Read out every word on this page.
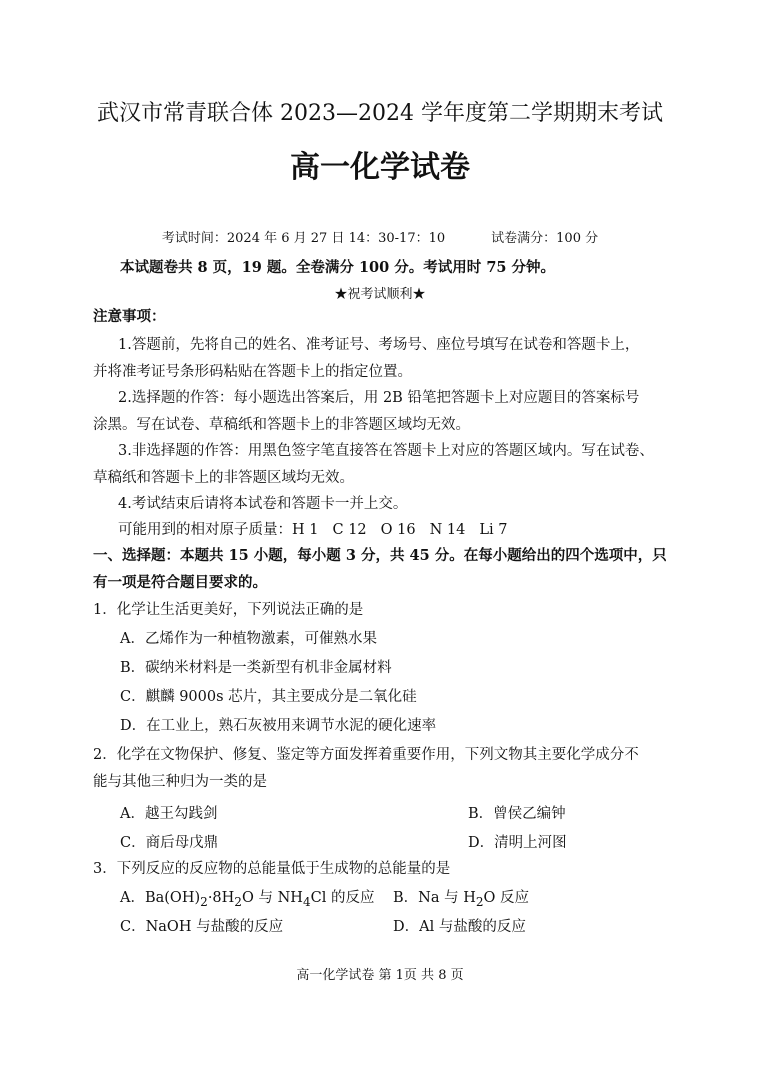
武汉市常青联合体 2023—2024 学年度第二学期期末考试
高一化学试卷
考试时间：2024 年 6 月 27 日 14：30-17：10	试卷满分：100 分
本试题卷共 8 页，19 题。全卷满分 100 分。考试用时 75 分钟。
★祝考试顺利★
注意事项：
1.答题前，先将自己的姓名、准考证号、考场号、座位号填写在试卷和答题卡上，
并将准考证号条形码粘贴在答题卡上的指定位置。
2.选择题的作答：每小题选出答案后，用 2B 铅笔把答题卡上对应题目的答案标号
涂黑。写在试卷、草稿纸和答题卡上的非答题区域均无效。
3.非选择题的作答：用黑色签字笔直接答在答题卡上对应的答题区域内。写在试卷、
草稿纸和答题卡上的非答题区域均无效。
4.考试结束后请将本试卷和答题卡一并上交。
可能用到的相对原子质量：H 1 C 12 O 16 N 14 Li 7
一、选择题：本题共 15 小题，每小题 3 分，共 45 分。在每小题给出的四个选项中，只
有一项是符合题目要求的。
1．化学让生活更美好，下列说法正确的是
A．乙烯作为一种植物激素，可催熟水果
B．碳纳米材料是一类新型有机非金属材料
C．麒麟 9000s 芯片，其主要成分是二氧化硅
D．在工业上，熟石灰被用来调节水泥的硬化速率
2．化学在文物保护、修复、鉴定等方面发挥着重要作用，下列文物其主要化学成分不
能与其他三种归为一类的是
A．越王勾践剑	B．曾侯乙编钟
C．商后母戊鼎	D．清明上河图
3．下列反应的反应物的总能量低于生成物的总能量的是
A．$Ba(OH)_2\cdot 8H_2O$ 与 $NH_4Cl$ 的反应 B．Na 与 $H_2O$ 反应
C．NaOH 与盐酸的反应	D．Al 与盐酸的反应
高一化学试卷 第 1页 共 8 页
